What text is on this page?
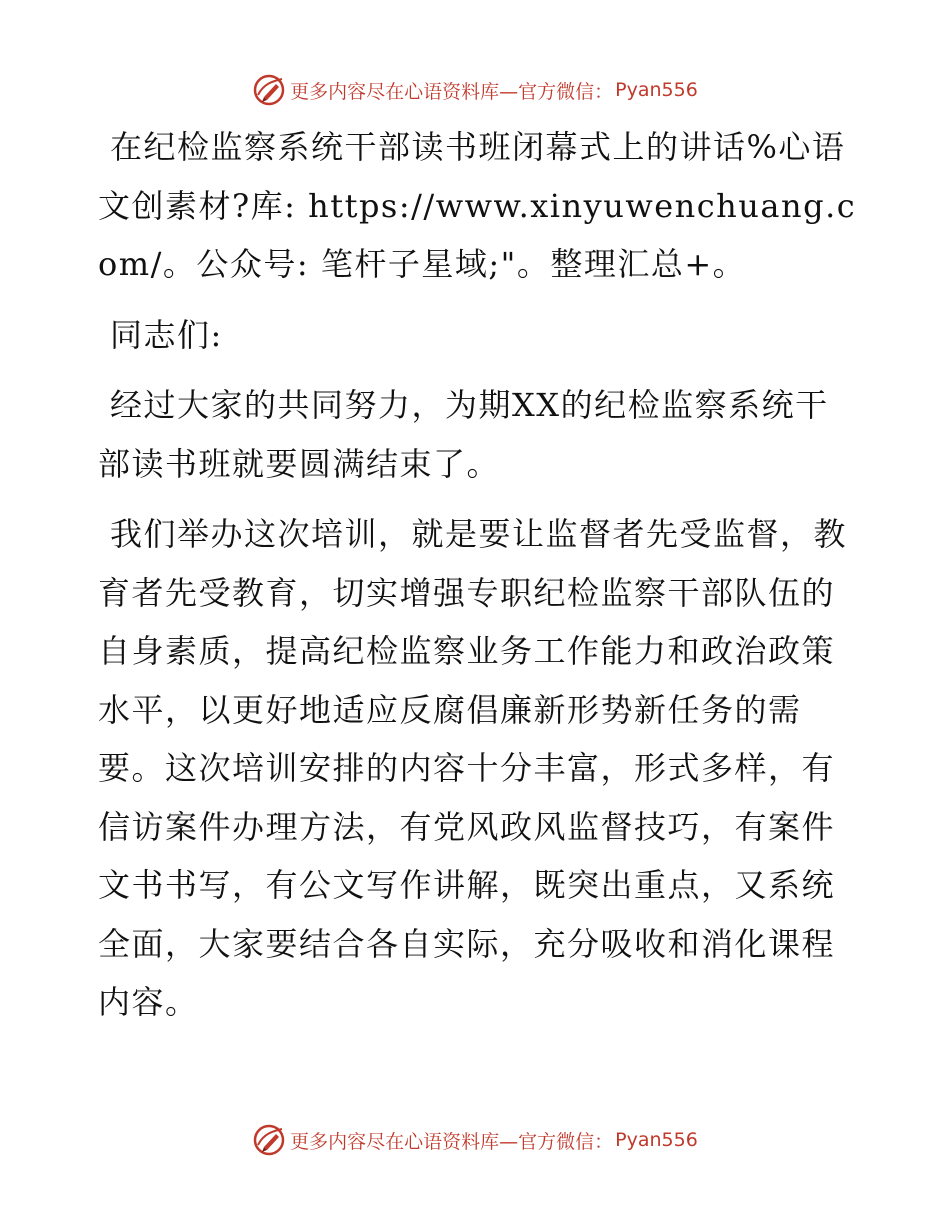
更多内容尽在心语资料库—官方微信： Pyan556

在纪检监察系统干部读书班闭幕式上的讲话%心语文创素材?库: https://www.xinyuwenchuang.com/。公众号: 笔杆子星域;"。整理汇总+。

同志们:

经过大家的共同努力，为期XX的纪检监察系统干部读书班就要圆满结束了。

我们举办这次培训，就是要让监督者先受监督，教育者先受教育，切实增强专职纪检监察干部队伍的自身素质，提高纪检监察业务工作能力和政治政策水平，以更好地适应反腐倡廉新形势新任务的需要。这次培训安排的内容十分丰富，形式多样，有信访案件办理方法，有党风政风监督技巧，有案件文书书写，有公文写作讲解，既突出重点，又系统全面，大家要结合各自实际，充分吸收和消化课程内容。

更多内容尽在心语资料库—官方微信： Pyan556
